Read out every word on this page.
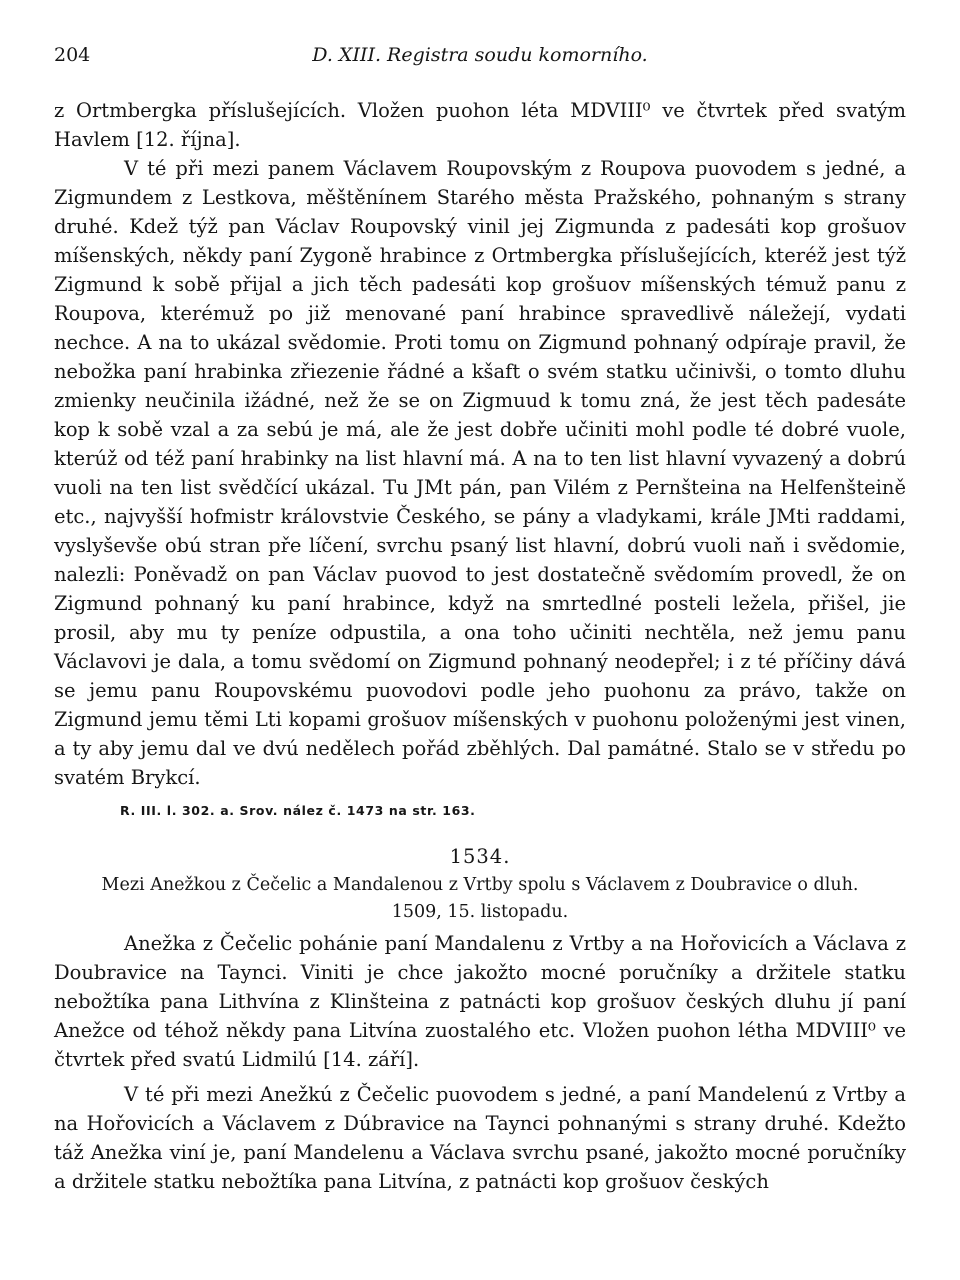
204	D. XIII. Registra soudu komorního.

z Ortmbergka příslušejících. Vložen puohon léta MDVIII⁰ ve čtvrtek před svatým Havlem [12. října].

V té při mezi panem Václavem Roupovským z Roupova puovodem s jedné, a Zigmundem z Lestkova, měštěnínem Starého města Pražského, pohnaným s strany druhé. Kdež týž pan Václav Roupovský vinil jej Zigmunda z padesáti kop grošuov míšenských, někdy paní Zygoně hrabince z Ortmbergka příslušejících, kteréž jest týž Zigmund k sobě přijal a jich těch padesáti kop grošuov míšenských témuž panu z Roupova, kterémuž po již menované paní hrabince spravedlivě náležejí, vydati nechce. A na to ukázal svědomie. Proti tomu on Zigmund pohnaný odpíraje pravil, že nebožka paní hrabinka zřiezenie řádné a kšaft o svém statku učinivši, o tomto dluhu zmienky neučinila ižádné, než že se on Zigmuud k tomu zná, že jest těch padesáte kop k sobě vzal a za sebú je má, ale že jest dobře učiniti mohl podle té dobré vuole, kterúž od též paní hrabinky na list hlavní má. A na to ten list hlavní vyvazený a dobrú vuoli na ten list svědčící ukázal. Tu JMt pán, pan Vilém z Pernšteina na Helfenšteině etc., najvyšší hofmistr královstvie Českého, se pány a vladykami, krále JMti raddami, vyslyševše obú stran pře líčení, svrchu psaný list hlavní, dobrú vuoli naň i svědomie, nalezli: Poněvadž on pan Václav puovod to jest dostatečně svědomím provedl, že on Zigmund pohnaný ku paní hrabince, když na smrtedlné posteli ležela, přišel, jie prosil, aby mu ty peníze odpustila, a ona toho učiniti nechtěla, než jemu panu Václavovi je dala, a tomu svědomí on Zigmund pohnaný neodepřel; i z té příčiny dává se jemu panu Roupovskému puovodovi podle jeho puohonu za právo, takže on Zigmund jemu těmi Lti kopami grošuov míšenských v puohonu položenými jest vinen, a ty aby jemu dal ve dvú nedělech pořád zběhlých. Dal památné. Stalo se v středu po svatém Brykcí.

R. III. l. 302. a. Srov. nález č. 1473 na str. 163.

1534.

Mezi Anežkou z Čečelic a Mandalenou z Vrtby spolu s Václavem z Doubravice o dluh.

1509, 15. listopadu.

Anežka z Čečelic pohánie paní Mandalenu z Vrtby a na Hořovicích a Václava z Doubravice na Taynci. Viniti je chce jakožto mocné poručníky a držitele statku nebožtíka pana Lithvína z Klinšteina z patnácti kop grošuov českých dluhu jí paní Anežce od téhož někdy pana Litvína zuostalého etc. Vložen puohon létha MDVIII⁰ ve čtvrtek před svatú Lidmilú [14. září].

V té při mezi Anežkú z Čečelic puovodem s jedné, a paní Mandelenú z Vrtby a na Hořovicích a Václavem z Dúbravice na Taynci pohnanými s strany druhé. Kdežto táž Anežka viní je, paní Mandelenu a Václava svrchu psané, jakožto mocné poručníky a držitele statku nebožtíka pana Litvína, z patnácti kop grošuov českých
